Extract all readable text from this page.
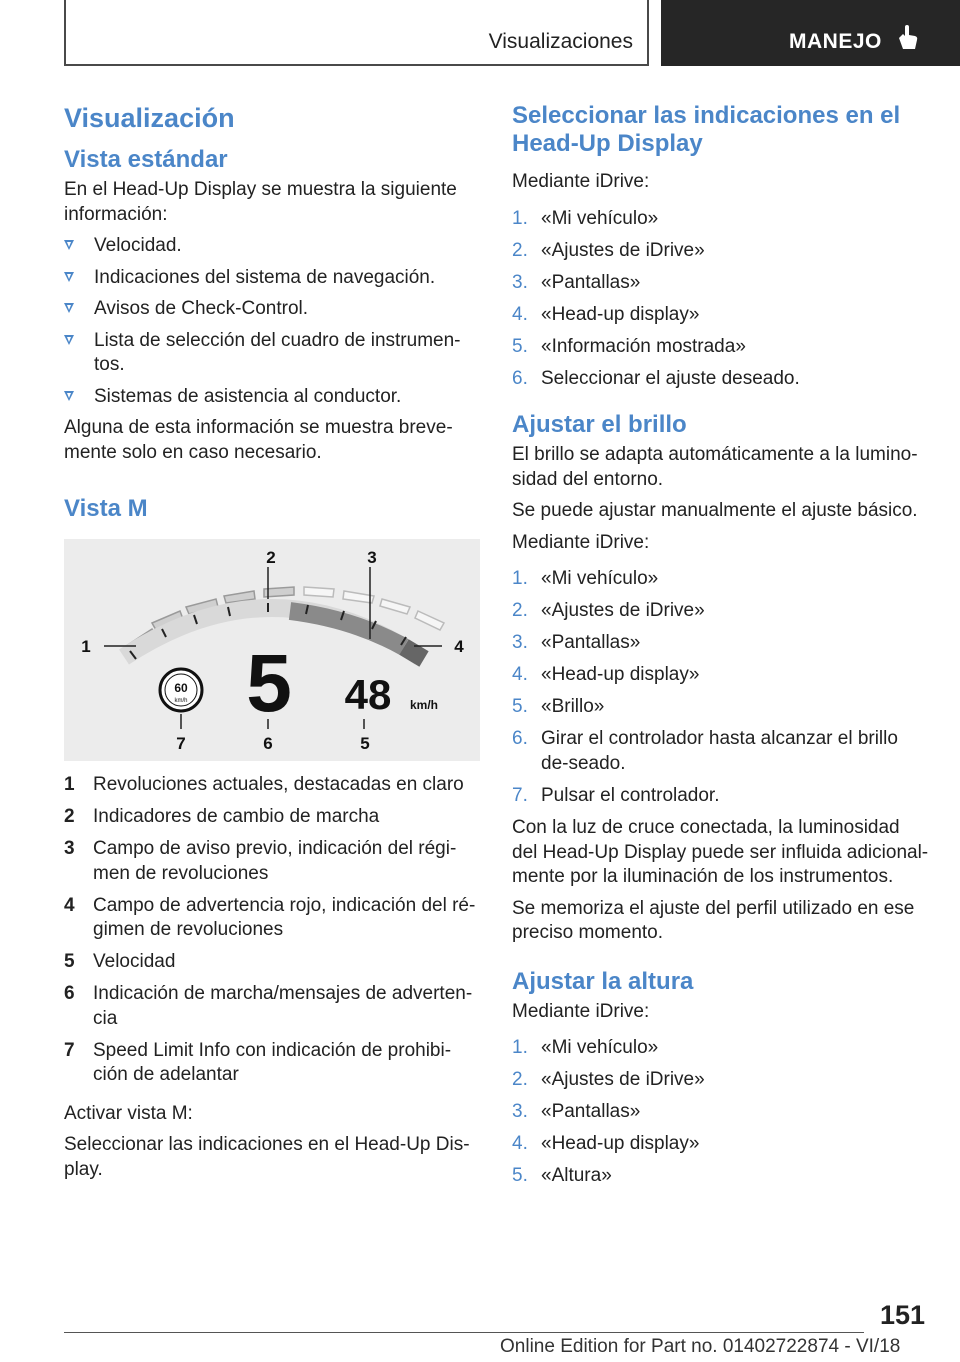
Visualizaciones	MANEJO
Visualización
Vista estándar

En el Head-Up Display se muestra la siguiente información:

Velocidad.
Indicaciones del sistema de navegación.
Avisos de Check-Control.
Lista de selección del cuadro de instrumen-tos.
Sistemas de asistencia al conductor.

Alguna de esta información se muestra breve-mente solo en caso necesario.

Vista M
1
2	3
4
5
6
7
5 48 km/h
60
km/h
1 Revoluciones actuales, destacadas en claro
2 Indicadores de cambio de marcha
3 Campo de aviso previo, indicación del régi-men de revoluciones
4 Campo de advertencia rojo, indicación del ré-gimen de revoluciones
5 Velocidad
6 Indicación de marcha/mensajes de adverten-cia
7 Speed Limit Info con indicación de prohibi-ción de adelantar

Activar vista M:

Seleccionar las indicaciones en el Head-Up Dis-play.

Seleccionar las indicaciones en el Head-Up Display

Mediante iDrive:

1. «Mi vehículo»
2. «Ajustes de iDrive»
3. «Pantallas»
4. «Head-up display»
5. «Información mostrada»
6. Seleccionar el ajuste deseado.
Ajustar el brillo

El brillo se adapta automáticamente a la lumino-sidad del entorno.

Se puede ajustar manualmente el ajuste básico.

Mediante iDrive:

1. «Mi vehículo»
2. «Ajustes de iDrive»
3. «Pantallas»
4. «Head-up display»
5. «Brillo»
6. Girar el controlador hasta alcanzar el brillo de-seado.
7. Pulsar el controlador.

Con la luz de cruce conectada, la luminosidad del Head-Up Display puede ser influida adicional-mente por la iluminación de los instrumentos.

Se memoriza el ajuste del perfil utilizado en ese preciso momento.

Ajustar la altura

Mediante iDrive:

1. «Mi vehículo»
2. «Ajustes de iDrive»
3. «Pantallas»
4. «Head-up display»
5. «Altura»
151
Online Edition for Part no. 01402722874 - VI/18
